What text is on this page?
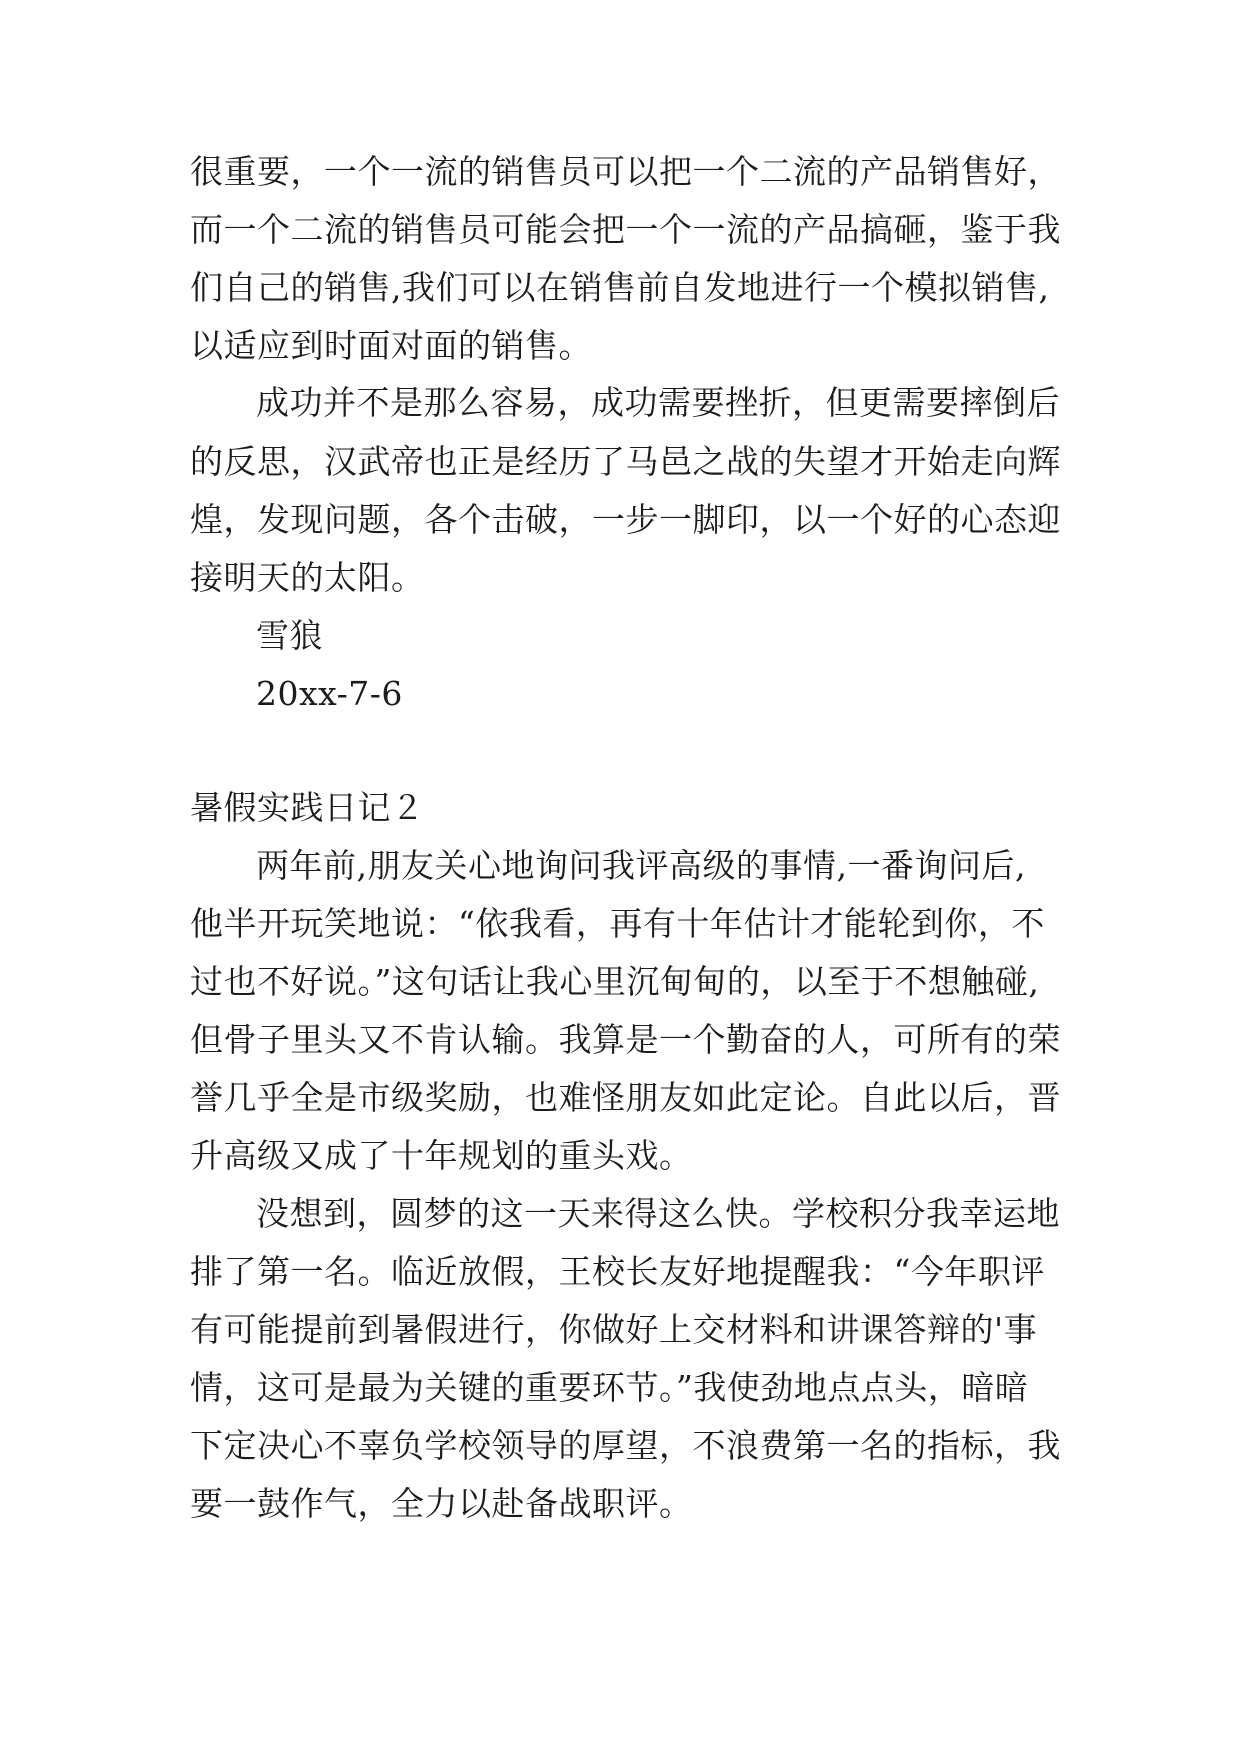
很重要，一个一流的销售员可以把一个二流的产品销售好，
而一个二流的销售员可能会把一个一流的产品搞砸，鉴于我
们自己的销售,我们可以在销售前自发地进行一个模拟销售,
以适应到时面对面的销售。
成功并不是那么容易，成功需要挫折，但更需要摔倒后
的反思，汉武帝也正是经历了马邑之战的失望才开始走向辉
煌，发现问题，各个击破，一步一脚印，以一个好的心态迎
接明天的太阳。
雪狼
20xx-7-6
暑假实践日记２
两年前,朋友关心地询问我评高级的事情,一番询问后,
他半开玩笑地说：“依我看，再有十年估计才能轮到你，不
过也不好说。”这句话让我心里沉甸甸的，以至于不想触碰,
但骨子里头又不肯认输。我算是一个勤奋的人，可所有的荣
誉几乎全是市级奖励，也难怪朋友如此定论。自此以后，晋
升高级又成了十年规划的重头戏。
没想到，圆梦的这一天来得这么快。学校积分我幸运地
排了第一名。临近放假，王校长友好地提醒我：“今年职评
有可能提前到暑假进行，你做好上交材料和讲课答辩的'事
情，这可是最为关键的重要环节。”我使劲地点点头，暗暗
下定决心不辜负学校领导的厚望，不浪费第一名的指标，我
要一鼓作气，全力以赴备战职评。
